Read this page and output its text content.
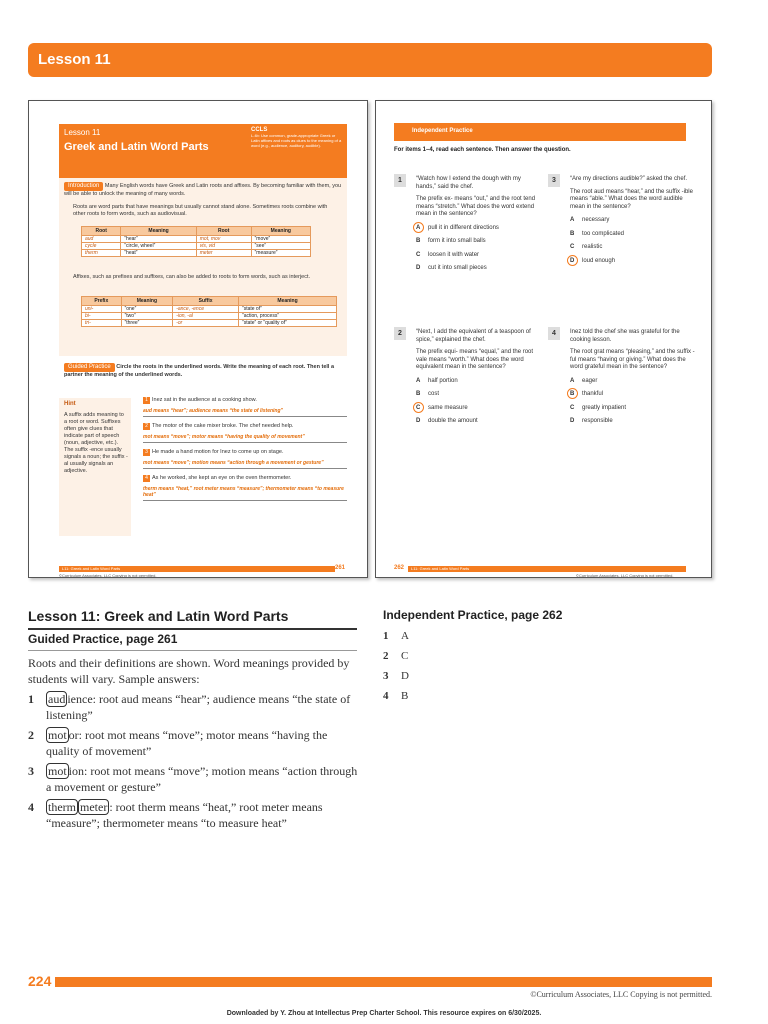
Lesson 11
Lesson 11
Greek and Latin Word Parts
CCLS
L.4b: Use common, grade-appropriate Greek or Latin affixes and roots as clues to the meaning of a word (e.g., audience, auditory, audible).
Introduction Many English words have Greek and Latin roots and affixes. By becoming familiar with them, you will be able to unlock the meaning of many words.
Roots are word parts that have meanings but usually cannot stand alone. Sometimes roots combine with other roots to form words, such as audiovisual.
Root	Meaning	Root	Meaning
aud	“hear”	mot, mov	“move”
cycle	“circle, wheel”	vis, vid	“see”
therm	“heat”	meter	“measure”
Affixes, such as prefixes and suffixes, can also be added to roots to form words, such as interject.
Prefix	Meaning	Suffix	Meaning
uni-	“one”	-ance, -ence	“state of”
bi-	“two”	-ion, -al	“action, process”
tri-	“three”	-or	“state” or “quality of”
Guided Practice Circle the roots in the underlined words. Write the meaning of each root. Then tell a partner the meaning of the underlined words.
Hint
A suffix adds meaning to a root or word. Suffixes often give clues that indicate part of speech (noun, adjective, etc.). The suffix -ence usually signals a noun; the suffix -al usually signals an adjective.
1 Inez sat in the audience at a cooking show.
aud means “hear”; audience means “the state of listening”
2 The motor of the cake mixer broke. The chef needed help.
mot means “move”; motor means “having the quality of movement”
3 He made a hand motion for Inez to come up on stage.
mot means “move”; motion means “action through a movement or gesture”
4 As he worked, she kept an eye on the oven thermometer.
therm means “heat,” root meter means “measure”; thermometer means “to measure heat”
L11: Greek and Latin Word Parts	261
©Curriculum Associates, LLC Copying is not permitted.
Independent Practice
For items 1–4, read each sentence. Then answer the question.
1	“Watch how I extend the dough with my hands,” said the chef.
The prefix ex- means “out,” and the root tend means “stretch.” What does the word extend mean in the sentence?
A pull it in different directions
B form it into small balls
C loosen it with water
D cut it into small pieces
3	“Are my directions audible?” asked the chef.
The root aud means “hear,” and the suffix -ible means “able.” What does the word audible mean in the sentence?
A necessary
B too complicated
C realistic
D loud enough
2	“Next, I add the equivalent of a teaspoon of spice,” explained the chef.
The prefix equi- means “equal,” and the root vale means “worth.” What does the word equivalent mean in the sentence?
A half portion
B cost
C same measure
D double the amount
4	Inez told the chef she was grateful for the cooking lesson.
The root grat means “pleasing,” and the suffix -ful means “having or giving.” What does the word grateful mean in the sentence?
A eager
B thankful
C greatly impatient
D responsible
262 L11: Greek and Latin Word Parts
©Curriculum Associates, LLC Copying is not permitted.
Lesson 11: Greek and Latin Word Parts
Guided Practice, page 261
Roots and their definitions are shown. Word meanings provided by students will vary. Sample answers:
1 aud ience: root aud means “hear”; audience means “the state of listening”
2 mot or: root mot means “move”; motor means “having the quality of movement”
3 mot ion: root mot means “move”; motion means “action through a movement or gesture”
4 therm meter : root therm means “heat,” root meter means “measure”; thermometer means “to measure heat”
Independent Practice, page 262
1 A
2 C
3 D
4 B
224
©Curriculum Associates, LLC Copying is not permitted.
Downloaded by Y. Zhou at Intellectus Prep Charter School. This resource expires on 6/30/2025.
